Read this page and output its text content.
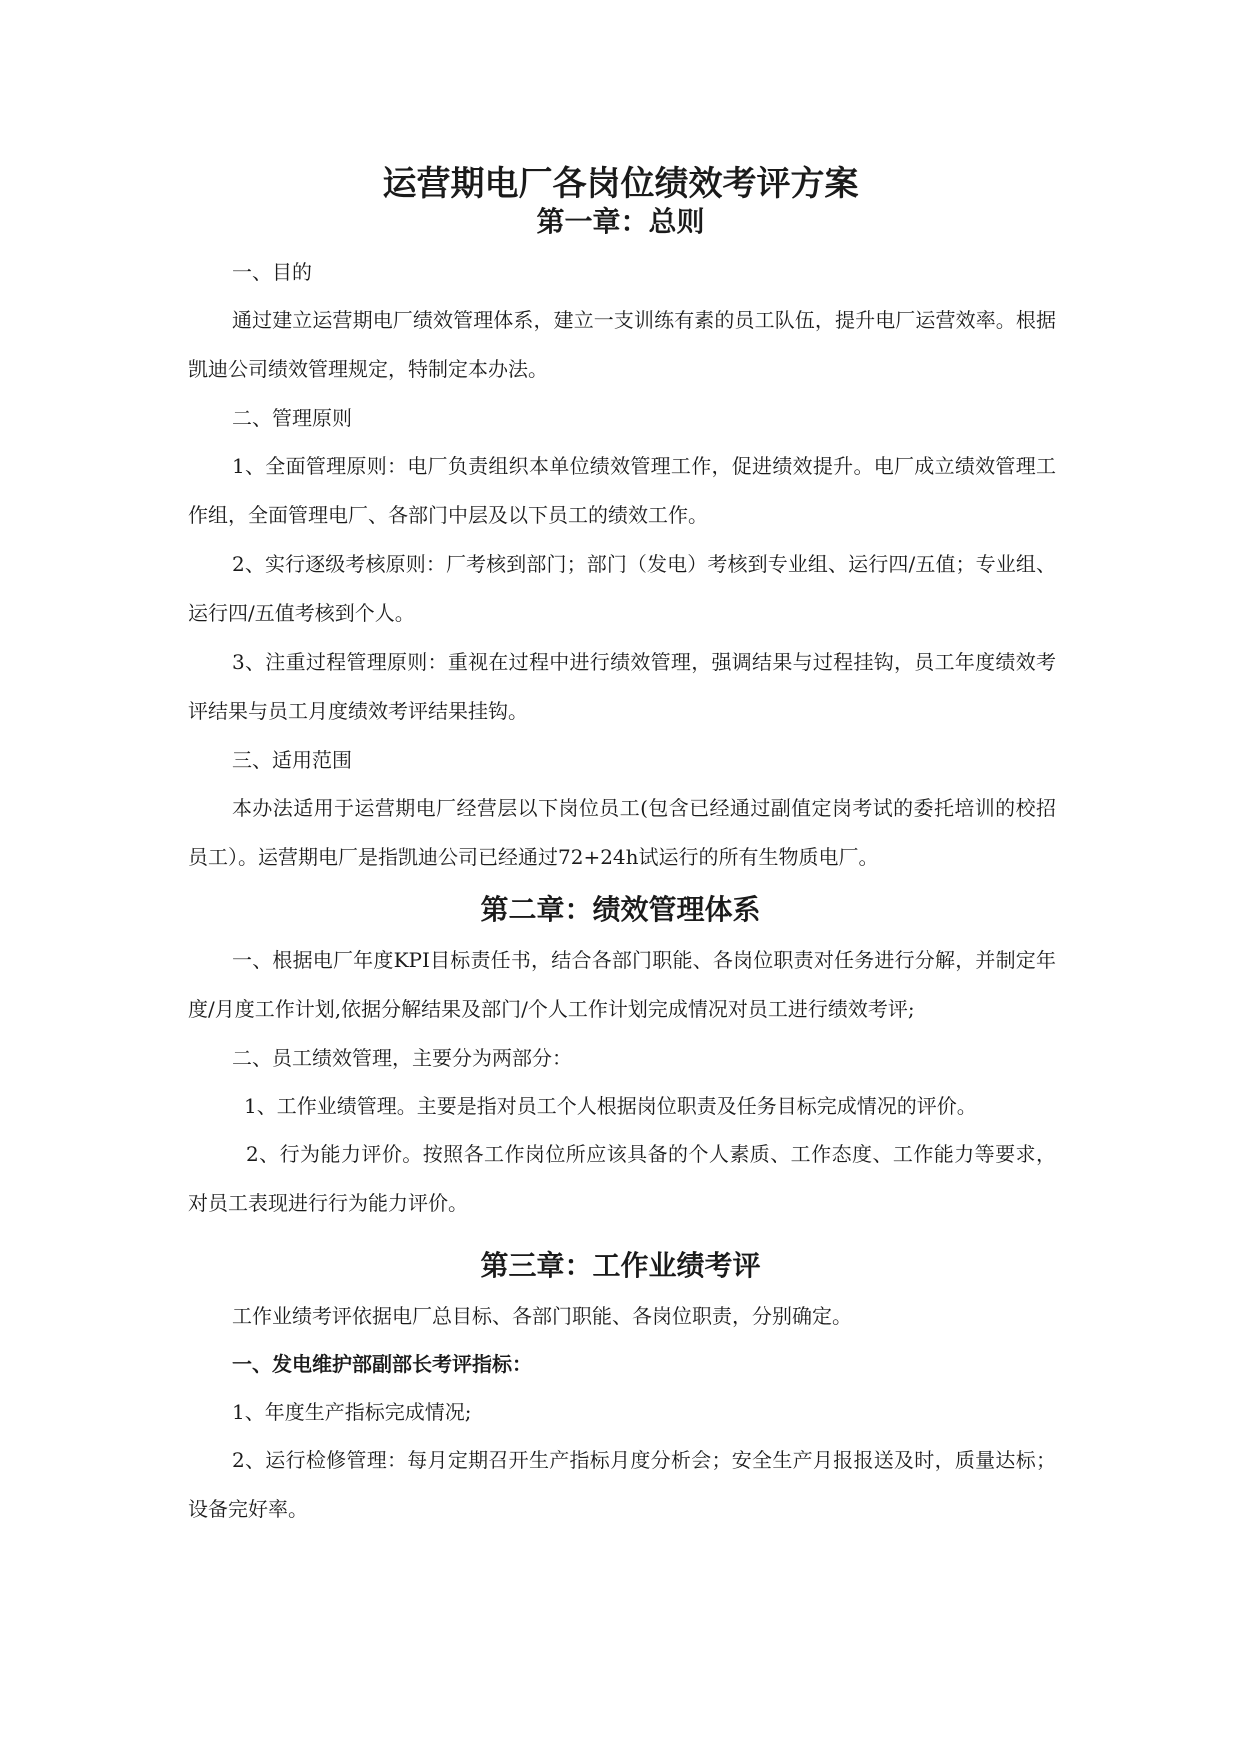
运营期电厂各岗位绩效考评方案
第一章：总则

一、目的

通过建立运营期电厂绩效管理体系，建立一支训练有素的员工队伍，提升电厂运营效率。根据凯迪公司绩效管理规定，特制定本办法。

二、管理原则

1、全面管理原则：电厂负责组织本单位绩效管理工作，促进绩效提升。电厂成立绩效管理工作组，全面管理电厂、各部门中层及以下员工的绩效工作。

2、实行逐级考核原则：厂考核到部门；部门（发电）考核到专业组、运行四/五值；专业组、运行四/五值考核到个人。

3、注重过程管理原则：重视在过程中进行绩效管理，强调结果与过程挂钩，员工年度绩效考评结果与员工月度绩效考评结果挂钩。

三、适用范围

本办法适用于运营期电厂经营层以下岗位员工(包含已经通过副值定岗考试的委托培训的校招员工）。运营期电厂是指凯迪公司已经通过72+24h试运行的所有生物质电厂。

第二章：绩效管理体系

一、根据电厂年度KPI目标责任书，结合各部门职能、各岗位职责对任务进行分解，并制定年度/月度工作计划,依据分解结果及部门/个人工作计划完成情况对员工进行绩效考评;

二、员工绩效管理，主要分为两部分：

1、工作业绩管理。主要是指对员工个人根据岗位职责及任务目标完成情况的评价。

2、行为能力评价。按照各工作岗位所应该具备的个人素质、工作态度、工作能力等要求，对员工表现进行行为能力评价。

第三章：工作业绩考评

工作业绩考评依据电厂总目标、各部门职能、各岗位职责，分别确定。

一、发电维护部副部长考评指标：

1、年度生产指标完成情况;

2、运行检修管理：每月定期召开生产指标月度分析会；安全生产月报报送及时，质量达标；设备完好率。
